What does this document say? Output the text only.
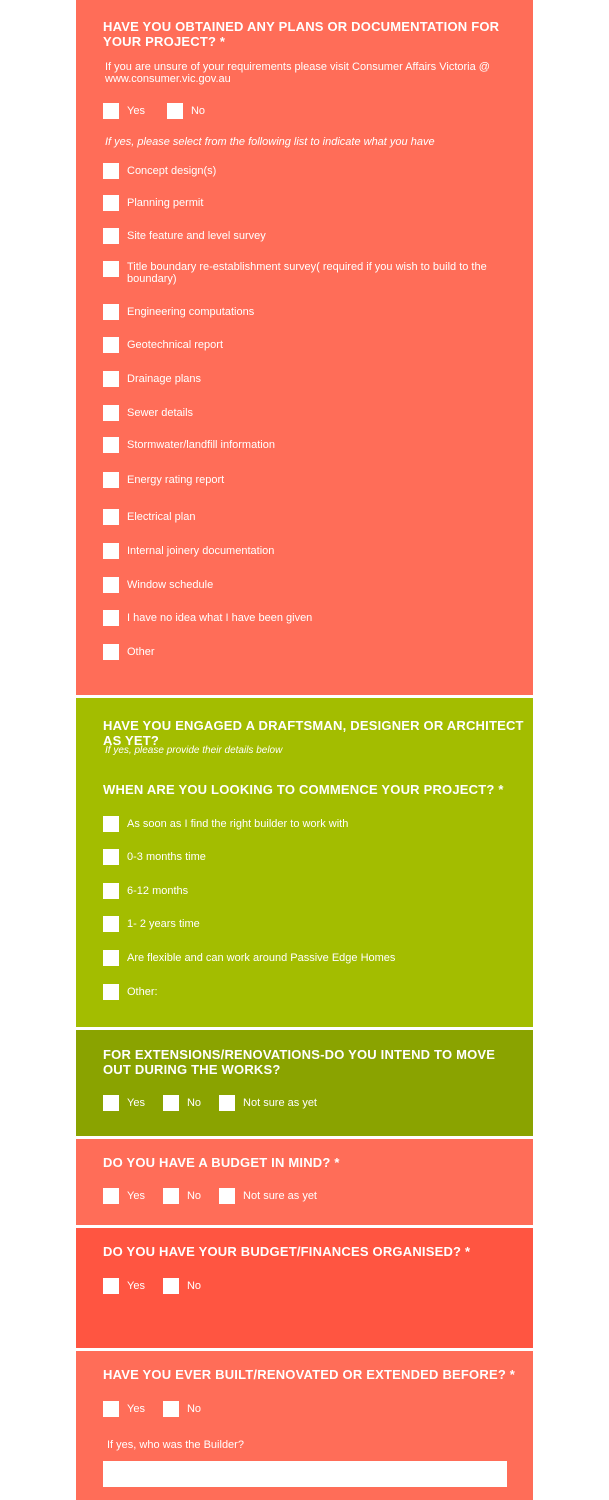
HAVE YOU OBTAINED ANY PLANS OR DOCUMENTATION FOR YOUR PROJECT? *
If you are unsure of your requirements please visit Consumer Affairs Victoria @ www.consumer.vic.gov.au
Yes	No
If yes, please select from the following list to indicate what you have
Concept design(s)
Planning permit
Site feature and level survey
Title boundary re-establishment survey( required if you wish to build to the boundary)
Engineering computations
Geotechnical report
Drainage plans
Sewer details
Stormwater/landfill information
Energy rating report
Electrical plan
Internal joinery documentation
Window schedule
I have no idea what I have been given
Other
HAVE YOU ENGAGED A DRAFTSMAN, DESIGNER OR ARCHITECT AS YET?
If yes, please provide their details below
WHEN ARE YOU LOOKING TO COMMENCE YOUR PROJECT? *
As soon as I find the right builder to work with
0-3 months time
6-12 months
1- 2 years time
Are flexible and can work around Passive Edge Homes
Other:
FOR EXTENSIONS/RENOVATIONS-DO YOU INTEND TO MOVE OUT DURING THE WORKS?
Yes	No	Not sure as yet
DO YOU HAVE A BUDGET IN MIND? *
Yes	No	Not sure as yet
DO YOU HAVE YOUR BUDGET/FINANCES ORGANISED? *
Yes	No
HAVE YOU EVER BUILT/RENOVATED OR EXTENDED BEFORE? *
Yes	No
If yes, who was the Builder?
